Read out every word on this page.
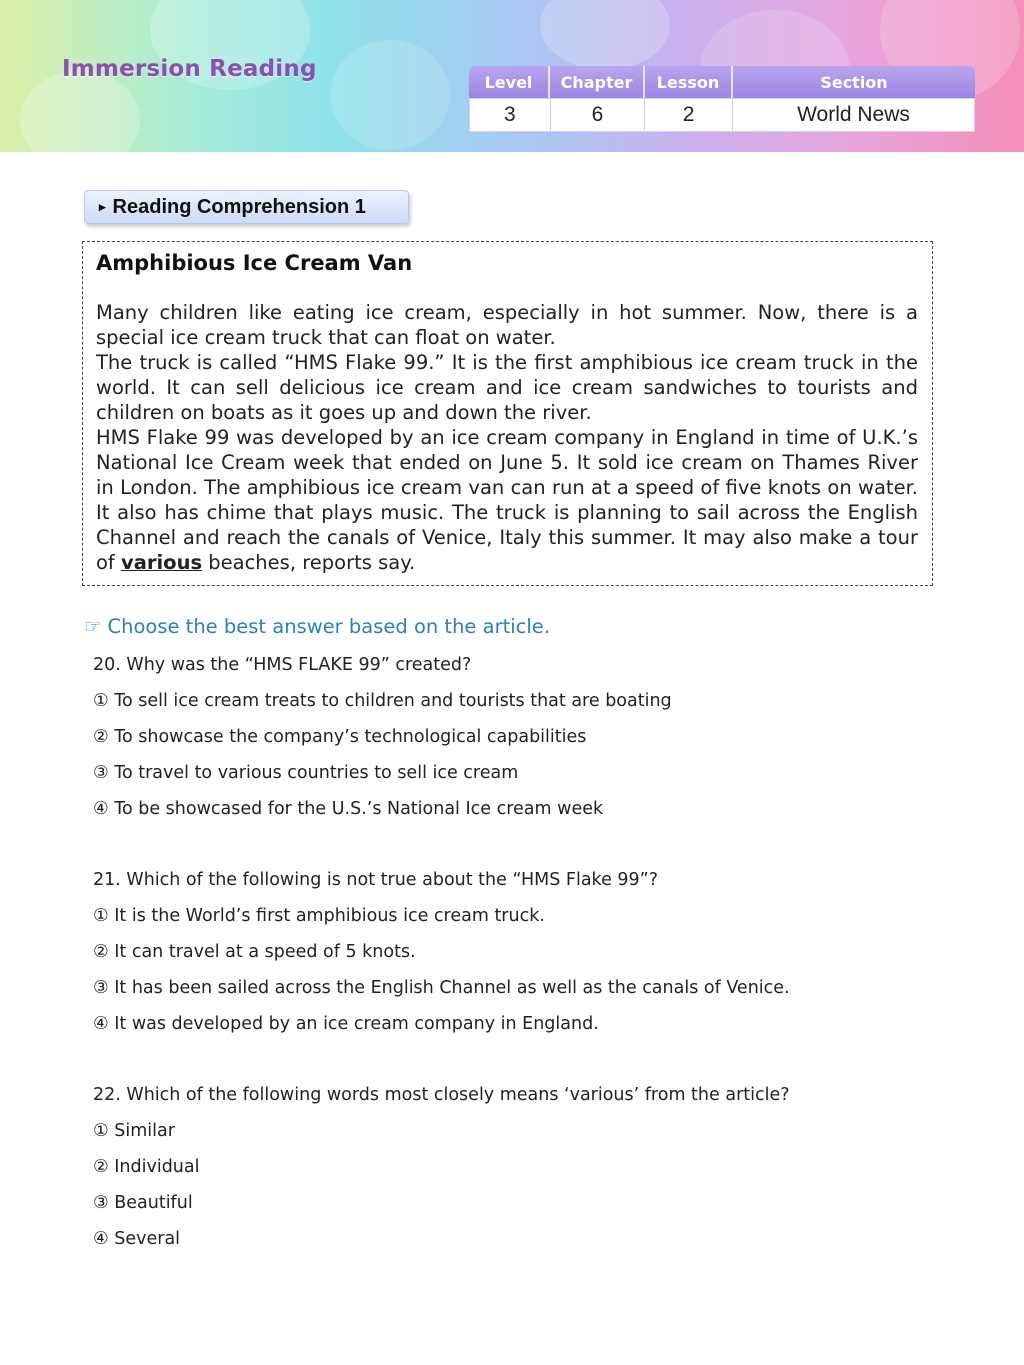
Immersion Reading	Level	Chapter	Lesson	Section
3	6	2	World News
▸ Reading Comprehension 1
Amphibious Ice Cream Van

Many children like eating ice cream, especially in hot summer. Now, there is a special ice cream truck that can float on water.

The truck is called “HMS Flake 99.” It is the first amphibious ice cream truck in the world. It can sell delicious ice cream and ice cream sandwiches to tourists and children on boats as it goes up and down the river.

HMS Flake 99 was developed by an ice cream company in England in time of U.K.’s National Ice Cream week that ended on June 5. It sold ice cream on Thames River in London. The amphibious ice cream van can run at a speed of five knots on water. It also has chime that plays music. The truck is planning to sail across the English Channel and reach the canals of Venice, Italy this summer. It may also make a tour of various beaches, reports say.

☞ Choose the best answer based on the article.
20. Why was the “HMS FLAKE 99” created?
① To sell ice cream treats to children and tourists that are boating
② To showcase the company’s technological capabilities
③ To travel to various countries to sell ice cream
④ To be showcased for the U.S.’s National Ice cream week
21. Which of the following is not true about the “HMS Flake 99”?
① It is the World’s first amphibious ice cream truck.
② It can travel at a speed of 5 knots.
③ It has been sailed across the English Channel as well as the canals of Venice.
④ It was developed by an ice cream company in England.
22. Which of the following words most closely means ‘various’ from the article?
① Similar
② Individual
③ Beautiful
④ Several
